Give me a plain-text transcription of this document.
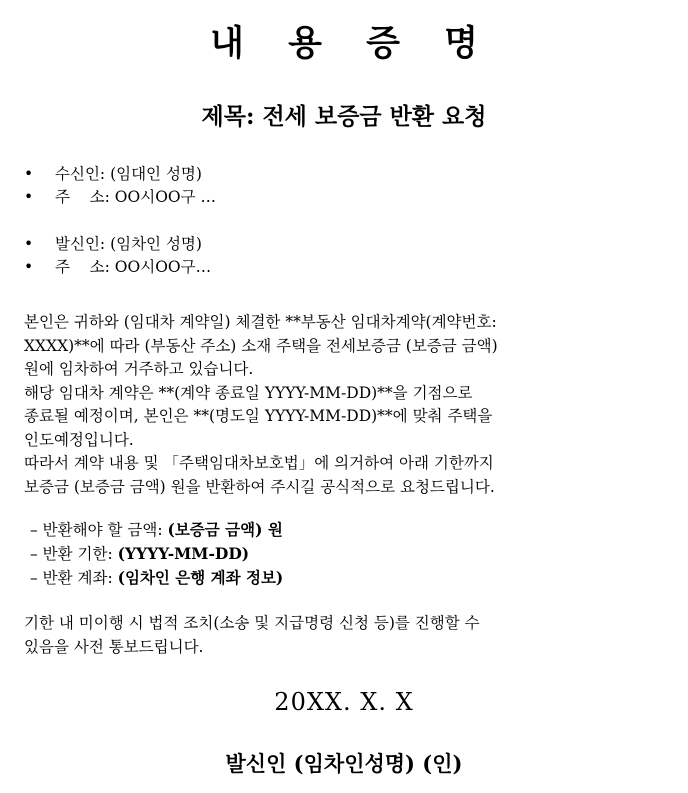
내 용 증 명
제목: 전세 보증금 반환 요청
• 수신인: (임대인 성명)
• 주    소: OO시OO구 …
• 발신인: (임차인 성명)
• 주    소: OO시OO구…
본인은 귀하와 (임대차 계약일) 체결한 **부동산 임대차계약(계약번호:
XXXX)**에 따라 (부동산 주소) 소재 주택을 전세보증금 (보증금 금액)
원에 임차하여 거주하고 있습니다.
해당 임대차 계약은 **(계약 종료일 YYYY-MM-DD)**을 기점으로
종료될 예정이며, 본인은 **(명도일 YYYY-MM-DD)**에 맞춰 주택을
인도예정입니다.
따라서 계약 내용 및 「주택임대차보호법」에 의거하여 아래 기한까지
보증금 (보증금 금액) 원을 반환하여 주시길 공식적으로 요청드립니다.
– 반환해야 할 금액: (보증금 금액) 원
– 반환 기한: (YYYY-MM-DD)
– 반환 계좌: (임차인 은행 계좌 정보)
기한 내 미이행 시 법적 조치(소송 및 지급명령 신청 등)를 진행할 수
있음을 사전 통보드립니다.
20XX. X. X
발신인 (임차인성명) (인)
